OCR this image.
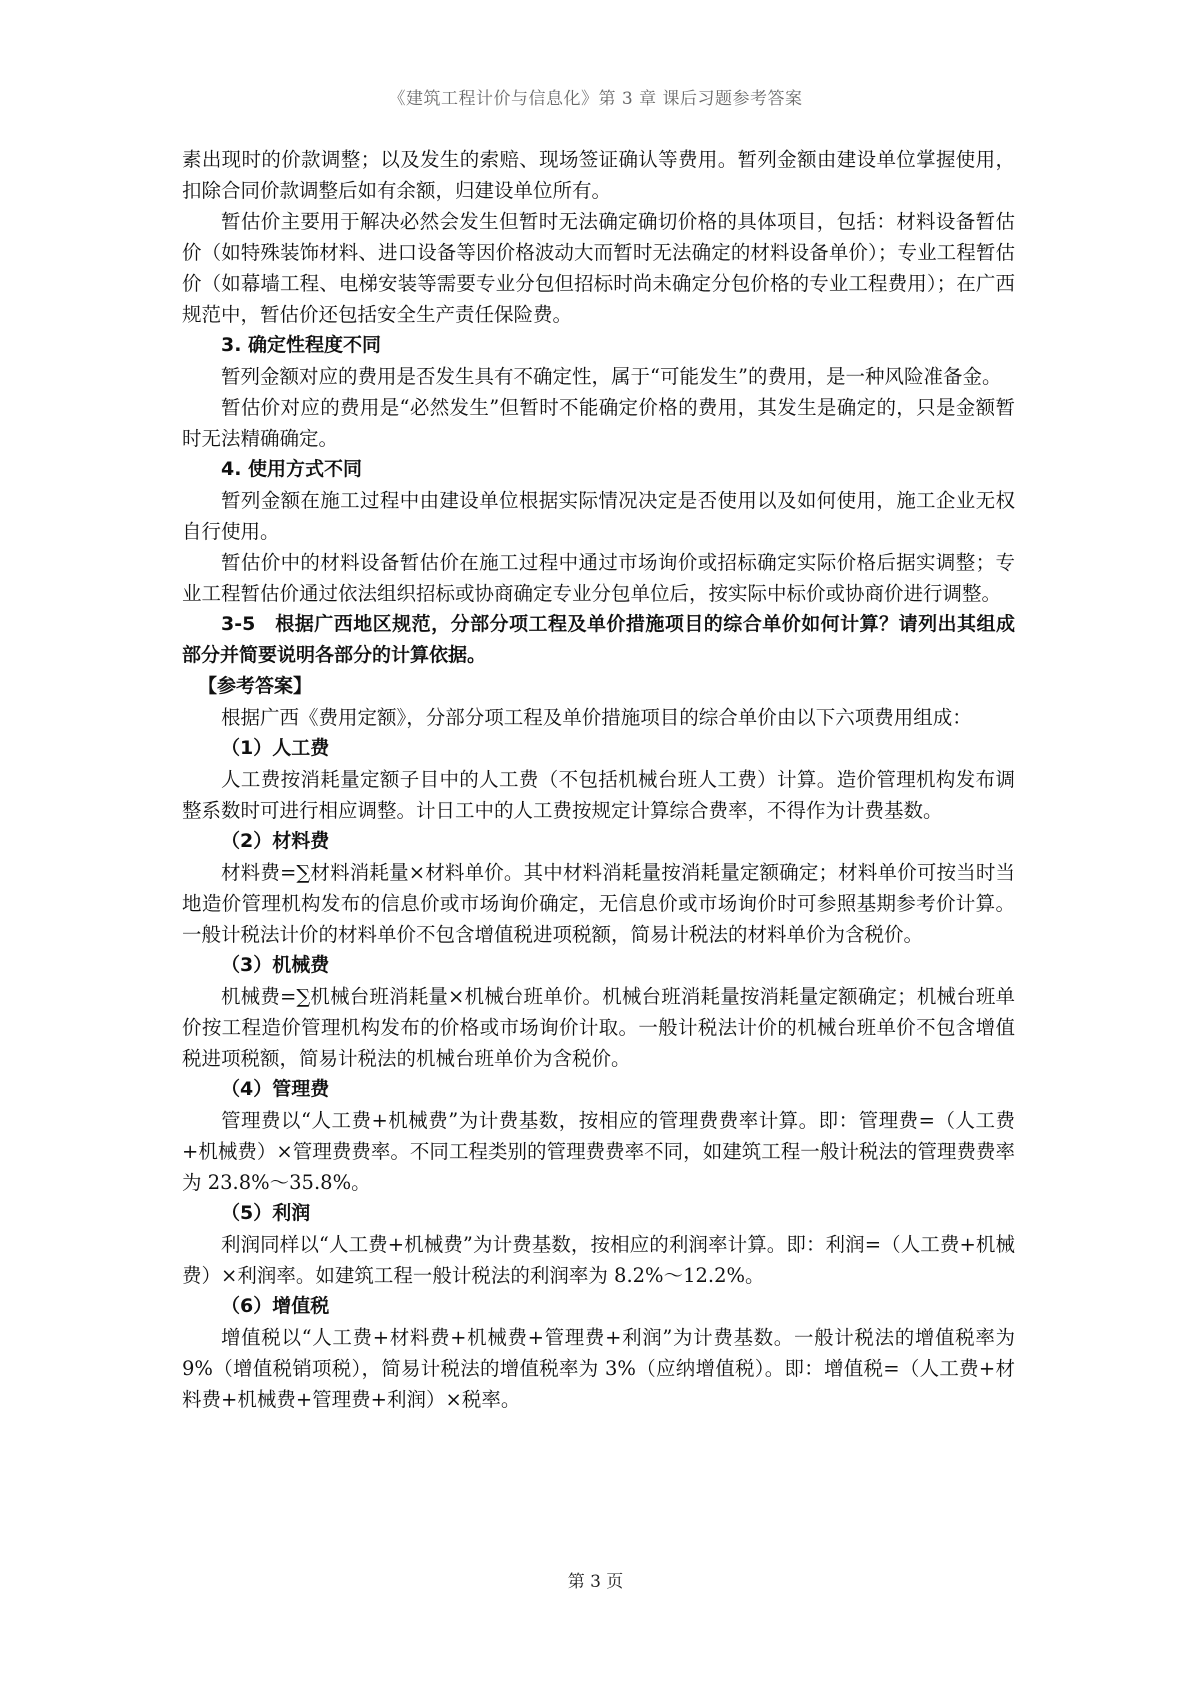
《建筑工程计价与信息化》第 3 章 课后习题参考答案

素出现时的价款调整；以及发生的索赔、现场签证确认等费用。暂列金额由建设单位掌握使用，扣除合同价款调整后如有余额，归建设单位所有。

暂估价主要用于解决必然会发生但暂时无法确定确切价格的具体项目，包括：材料设备暂估价（如特殊装饰材料、进口设备等因价格波动大而暂时无法确定的材料设备单价）；专业工程暂估价（如幕墙工程、电梯安装等需要专业分包但招标时尚未确定分包价格的专业工程费用）；在广西规范中，暂估价还包括安全生产责任保险费。

3. 确定性程度不同

暂列金额对应的费用是否发生具有不确定性，属于“可能发生”的费用，是一种风险准备金。

暂估价对应的费用是“必然发生”但暂时不能确定价格的费用，其发生是确定的，只是金额暂时无法精确确定。

4. 使用方式不同

暂列金额在施工过程中由建设单位根据实际情况决定是否使用以及如何使用，施工企业无权自行使用。

暂估价中的材料设备暂估价在施工过程中通过市场询价或招标确定实际价格后据实调整；专业工程暂估价通过依法组织招标或协商确定专业分包单位后，按实际中标价或协商价进行调整。

3-5　根据广西地区规范，分部分项工程及单价措施项目的综合单价如何计算？请列出其组成部分并简要说明各部分的计算依据。

【参考答案】

根据广西《费用定额》，分部分项工程及单价措施项目的综合单价由以下六项费用组成：

（1）人工费

人工费按消耗量定额子目中的人工费（不包括机械台班人工费）计算。造价管理机构发布调整系数时可进行相应调整。计日工中的人工费按规定计算综合费率，不得作为计费基数。

（2）材料费

材料费=∑材料消耗量×材料单价。其中材料消耗量按消耗量定额确定；材料单价可按当时当地造价管理机构发布的信息价或市场询价确定，无信息价或市场询价时可参照基期参考价计算。一般计税法计价的材料单价不包含增值税进项税额，简易计税法的材料单价为含税价。

（3）机械费

机械费=∑机械台班消耗量×机械台班单价。机械台班消耗量按消耗量定额确定；机械台班单价按工程造价管理机构发布的价格或市场询价计取。一般计税法计价的机械台班单价不包含增值税进项税额，简易计税法的机械台班单价为含税价。

（4）管理费

管理费以“人工费+机械费”为计费基数，按相应的管理费费率计算。即：管理费=（人工费+机械费）×管理费费率。不同工程类别的管理费费率不同，如建筑工程一般计税法的管理费费率为 23.8%～35.8%。

（5）利润

利润同样以“人工费+机械费”为计费基数，按相应的利润率计算。即：利润=（人工费+机械费）×利润率。如建筑工程一般计税法的利润率为 8.2%～12.2%。

（6）增值税

增值税以“人工费+材料费+机械费+管理费+利润”为计费基数。一般计税法的增值税率为 9%（增值税销项税），简易计税法的增值税率为 3%（应纳增值税）。即：增值税=（人工费+材料费+机械费+管理费+利润）×税率。

第 3 页
